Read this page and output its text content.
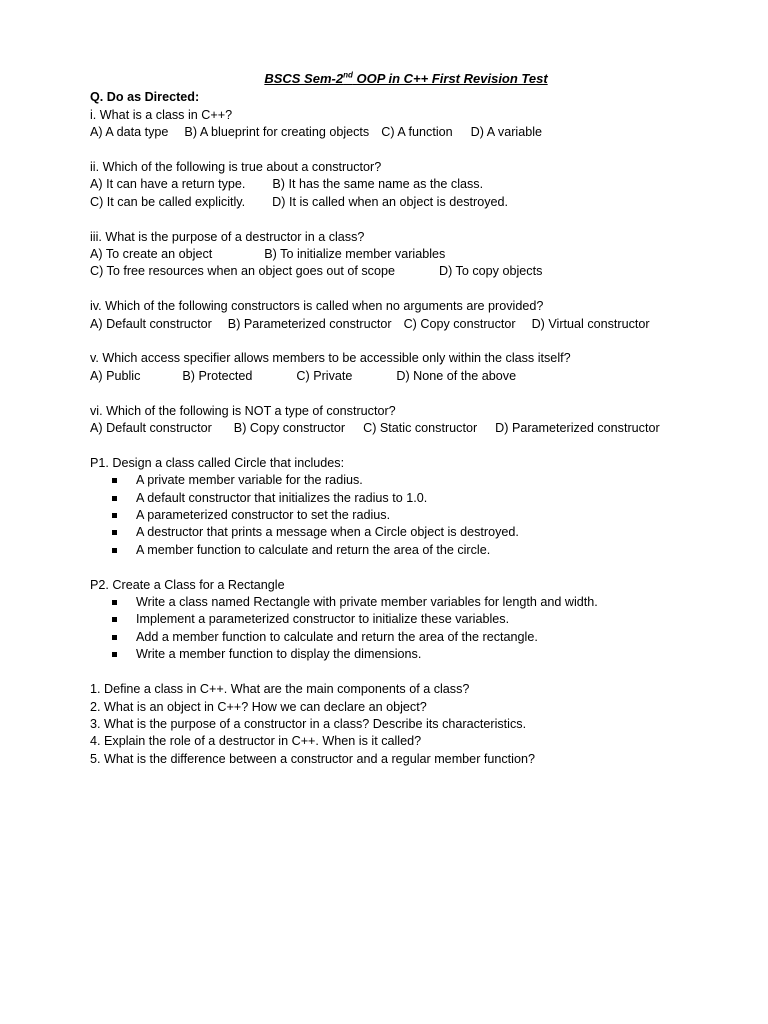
BSCS Sem-2nd OOP in C++ First Revision Test
Q. Do as Directed:
i. What is a class in C++?
A) A data type B) A blueprint for creating objects C) A function D) A variable
ii. Which of the following is true about a constructor?
A) It can have a return type. B) It has the same name as the class.
C) It can be called explicitly. D) It is called when an object is destroyed.
iii. What is the purpose of a destructor in a class?
A) To create an object	B) To initialize member variables
C) To free resources when an object goes out of scope	D) To copy objects
iv. Which of the following constructors is called when no arguments are provided?
A) Default constructor B) Parameterized constructor C) Copy constructor D) Virtual constructor
v. Which access specifier allows members to be accessible only within the class itself?
A) Public	B) Protected	C) Private	D) None of the above
vi. Which of the following is NOT a type of constructor?
A) Default constructor B) Copy constructor C) Static constructor D) Parameterized constructor
P1. Design a class called Circle that includes:
A private member variable for the radius.
A default constructor that initializes the radius to 1.0.
A parameterized constructor to set the radius.
A destructor that prints a message when a Circle object is destroyed.
A member function to calculate and return the area of the circle.
P2. Create a Class for a Rectangle
Write a class named Rectangle with private member variables for length and width.
Implement a parameterized constructor to initialize these variables.
Add a member function to calculate and return the area of the rectangle.
Write a member function to display the dimensions.
1. Define a class in C++. What are the main components of a class?
2. What is an object in C++? How we can declare an object?
3. What is the purpose of a constructor in a class? Describe its characteristics.
4. Explain the role of a destructor in C++. When is it called?
5. What is the difference between a constructor and a regular member function?
